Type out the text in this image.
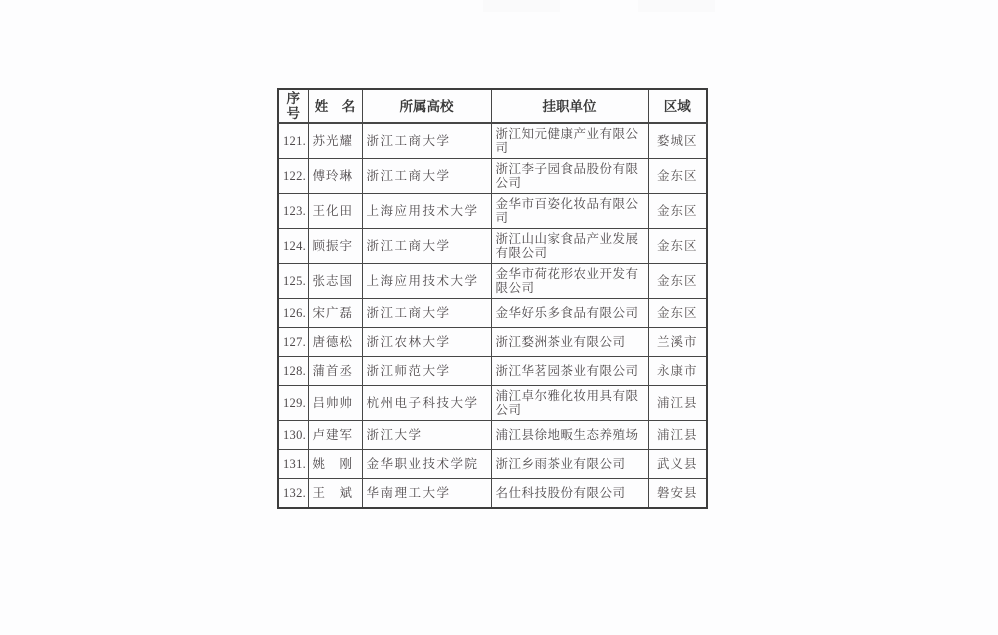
序号	姓　名	所属高校	挂职单位	区域
121.	苏光耀	浙江工商大学	浙江知元健康产业有限公司	婺城区
122.	傅玲琳	浙江工商大学	浙江李子园食品股份有限公司	金东区
123.	王化田	上海应用技术大学	金华市百姿化妆品有限公司	金东区
124.	顾振宇	浙江工商大学	浙江山山家食品产业发展有限公司	金东区
125.	张志国	上海应用技术大学	金华市荷花形农业开发有限公司	金东区
126.	宋广磊	浙江工商大学	金华好乐多食品有限公司	金东区
127.	唐德松	浙江农林大学	浙江婺洲茶业有限公司	兰溪市
128.	蒲首丞	浙江师范大学	浙江华茗园茶业有限公司	永康市
129.	吕帅帅	杭州电子科技大学	浦江卓尔雅化妆用具有限公司	浦江县
130.	卢建军	浙江大学	浦江县徐地畈生态养殖场	浦江县
131.	姚　刚	金华职业技术学院	浙江乡雨茶业有限公司	武义县
132.	王　斌	华南理工大学	名仕科技股份有限公司	磐安县
